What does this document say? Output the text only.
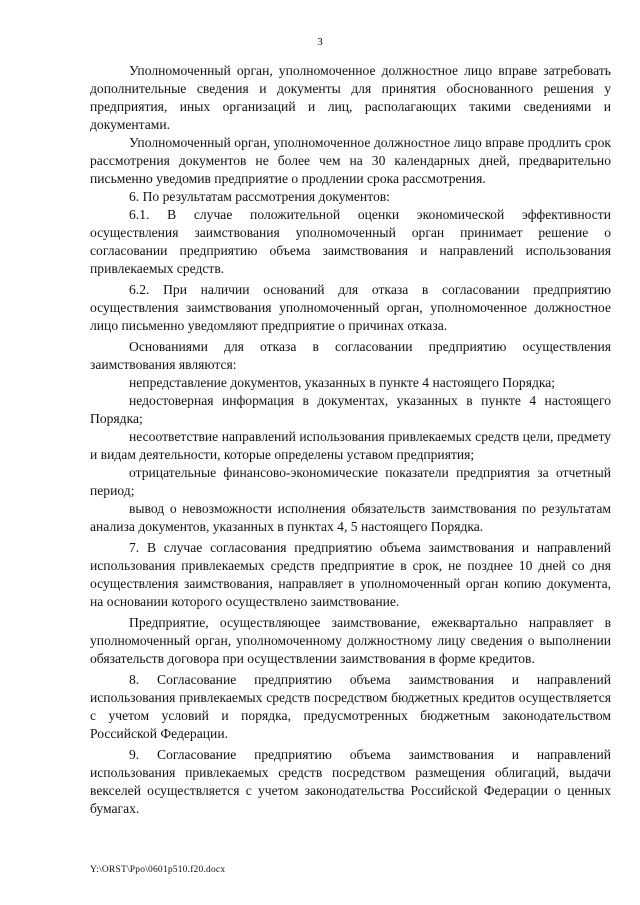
3

Уполномоченный орган, уполномоченное должностное лицо вправе затребовать дополнительные сведения и документы для принятия обоснованного решения у предприятия, иных организаций и лиц, располагающих такими сведениями и документами.

Уполномоченный орган, уполномоченное должностное лицо вправе продлить срок рассмотрения документов не более чем на 30 календарных дней, предварительно письменно уведомив предприятие о продлении срока рассмотрения.

6. По результатам рассмотрения документов:

6.1. В случае положительной оценки экономической эффективности осуществления заимствования уполномоченный орган принимает решение о согласовании предприятию объема заимствования и направлений использования привлекаемых средств.

6.2. При наличии оснований для отказа в согласовании предприятию осуществления заимствования уполномоченный орган, уполномоченное должностное лицо письменно уведомляют предприятие о причинах отказа.

Основаниями для отказа в согласовании предприятию осуществления заимствования являются:

непредставление документов, указанных в пункте 4 настоящего Порядка;

недостоверная информация в документах, указанных в пункте 4 настоящего Порядка;

несоответствие направлений использования привлекаемых средств цели, предмету и видам деятельности, которые определены уставом предприятия;

отрицательные финансово-экономические показатели предприятия за отчетный период;

вывод о невозможности исполнения обязательств заимствования по результатам анализа документов, указанных в пунктах 4, 5 настоящего Порядка.

7. В случае согласования предприятию объема заимствования и направлений использования привлекаемых средств предприятие в срок, не позднее 10 дней со дня осуществления заимствования, направляет в уполномоченный орган копию документа, на основании которого осуществлено заимствование.

Предприятие, осуществляющее заимствование, ежеквартально направляет в уполномоченный орган, уполномоченному должностному лицу сведения о выполнении обязательств договора при осуществлении заимствования в форме кредитов.

8. Согласование предприятию объема заимствования и направлений использования привлекаемых средств посредством бюджетных кредитов осуществляется с учетом условий и порядка, предусмотренных бюджетным законодательством Российской Федерации.

9. Согласование предприятию объема заимствования и направлений использования привлекаемых средств посредством размещения облигаций, выдачи векселей осуществляется с учетом законодательства Российской Федерации о ценных бумагах.

Y:\ORST\Ppo\0601p510.f20.docx
